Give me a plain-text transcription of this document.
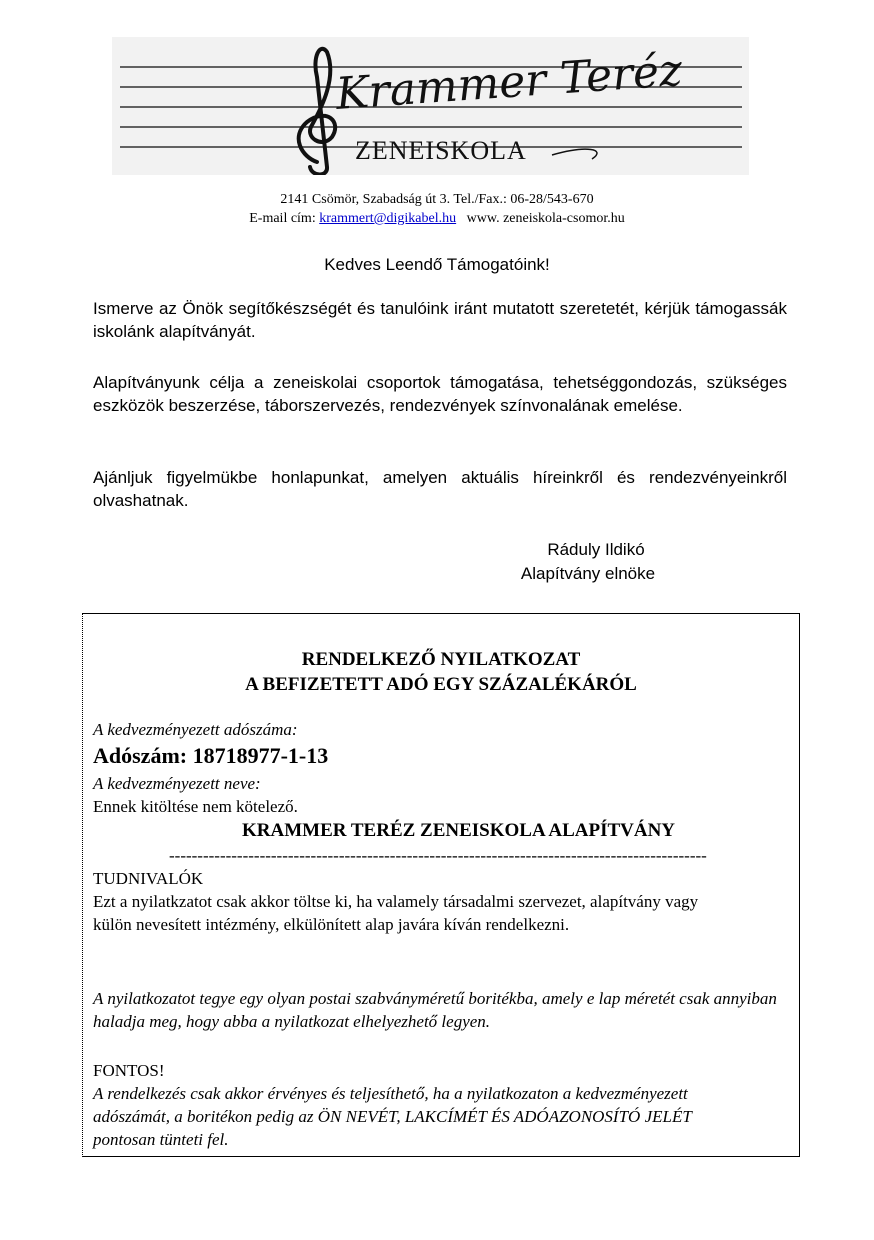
Krammer Teréz
ZENEISKOLA
2141 Csömör, Szabadság út 3. Tel./Fax.: 06-28/543-670
E-mail cím: krammert@digikabel.hu www. zeneiskola-csomor.hu
Kedves Leendő Támogatóink!
Ismerve az Önök segítőkészségét és tanulóink iránt mutatott szeretetét, kérjük támogassák iskolánk alapítványát.
Alapítványunk célja a zeneiskolai csoportok támogatása, tehetséggondozás, szükséges eszközök beszerzése, táborszervezés, rendezvények színvonalának emelése.
Ajánljuk figyelmükbe honlapunkat, amelyen aktuális híreinkről és rendezvényeinkről olvashatnak.
Ráduly Ildikó
Alapítvány elnöke
RENDELKEZŐ NYILATKOZAT
A BEFIZETETT ADÓ EGY SZÁZALÉKÁRÓL
A kedvezményezett adószáma:
Adószám: 18718977-1-13
A kedvezményezett neve:
Ennek kitöltése nem kötelező.
KRAMMER TERÉZ ZENEISKOLA ALAPÍTVÁNY
-----------------------------------------------------------------------------------------------
TUDNIVALÓK
Ezt a nyilatkzatot csak akkor töltse ki, ha valamely társadalmi szervezet, alapítvány vagy külön nevesített intézmény, elkülönített alap javára kíván rendelkezni.
A nyilatkozatot tegye egy olyan postai szabványméretű boritékba, amely e lap méretét csak annyiban haladja meg, hogy abba a nyilatkozat elhelyezhető legyen.
FONTOS!
A rendelkezés csak akkor érvényes és teljesíthető, ha a nyilatkozaton a kedvezményezett adószámát, a boritékon pedig az ÖN NEVÉT, LAKCÍMÉT ÉS ADÓAZONOSÍTÓ JELÉT pontosan tünteti fel.
